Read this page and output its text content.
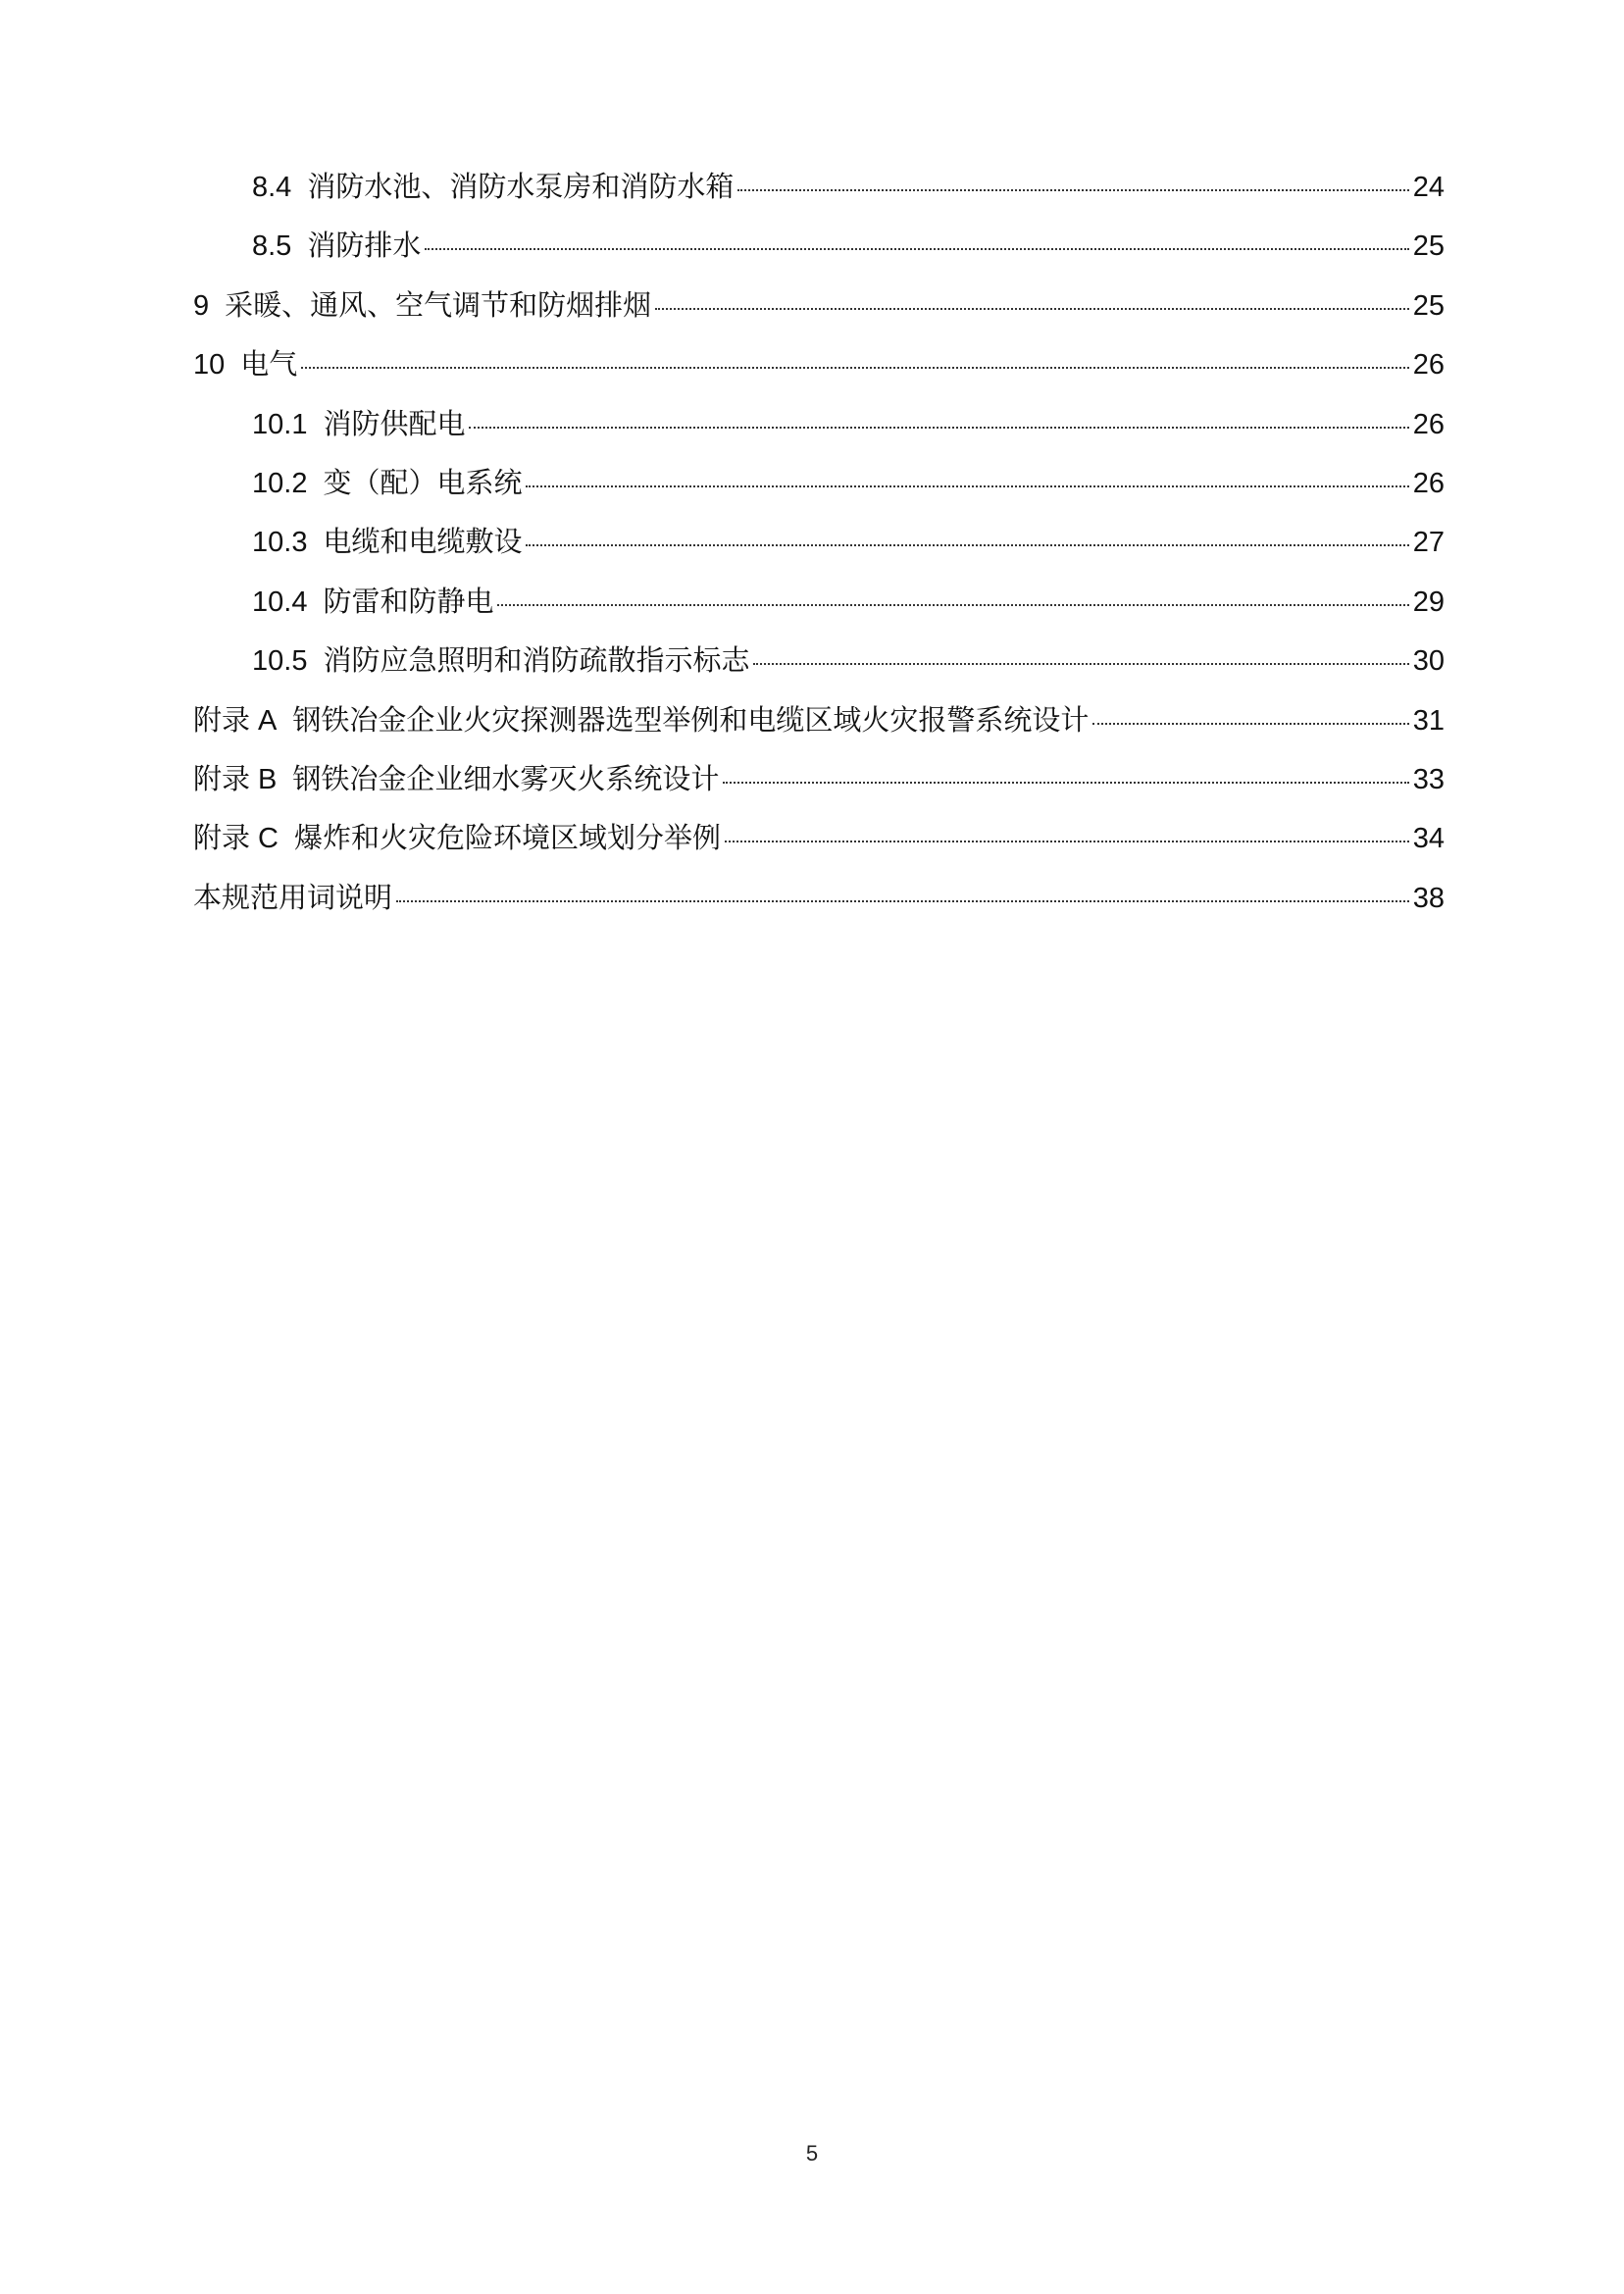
8.4 消防水池、消防水泵房和消防水箱	24
8.5 消防排水	25
9 采暖、通风、空气调节和防烟排烟	25
10 电气	26
10.1 消防供配电	26
10.2 变（配）电系统	26
10.3 电缆和电缆敷设	27
10.4 防雷和防静电	29
10.5 消防应急照明和消防疏散指示标志	30
附录 A 钢铁冶金企业火灾探测器选型举例和电缆区域火灾报警系统设计	31
附录 B 钢铁冶金企业细水雾灭火系统设计	33
附录 C 爆炸和火灾危险环境区域划分举例	34
本规范用词说明	38
5
